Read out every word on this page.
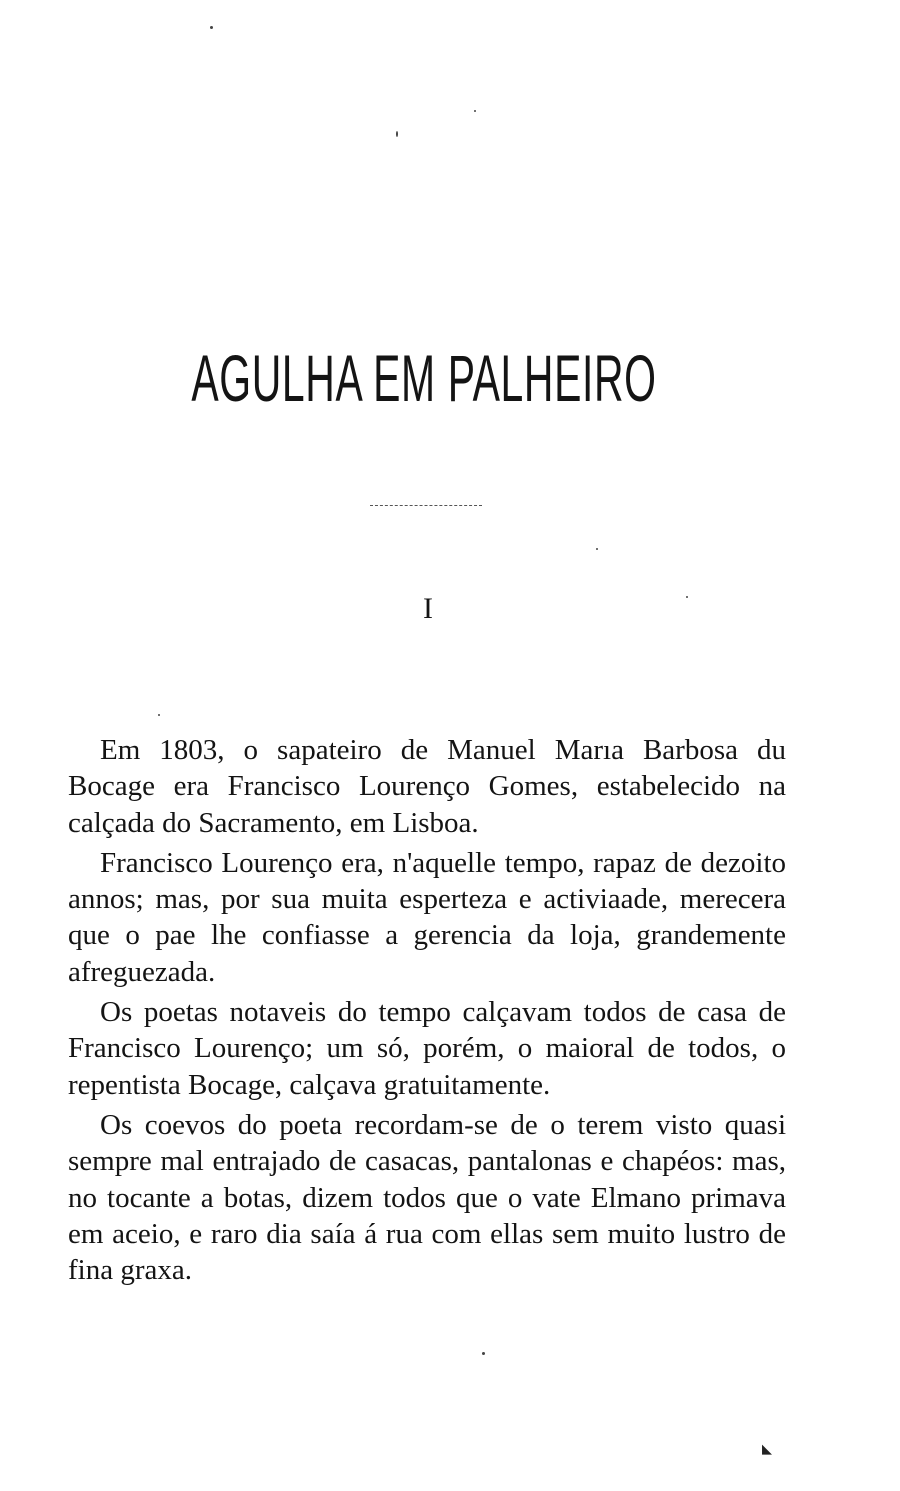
AGULHA EM PALHEIRO
I

Em 1803, o sapateiro de Manuel Marıa Barbosa du Bocage era Francisco Lourenço Gomes, estabelecido na calçada do Sacramento, em Lisboa.

Francisco Lourenço era, n'aquelle tempo, rapaz de dezoito annos; mas, por sua muita esperteza e activiaade, merecera que o pae lhe confiasse a gerencia da loja, grandemente afreguezada.

Os poetas notaveis do tempo calçavam todos de casa de Francisco Lourenço; um só, porém, o maioral de todos, o repentista Bocage, calçava gratuitamente.

Os coevos do poeta recordam-se de o terem visto quasi sempre mal entrajado de casacas, pantalonas e chapéos: mas, no tocante a botas, dizem todos que o vate Elmano primava em aceio, e raro dia saía á rua com ellas sem muito lustro de fina graxa.

◣
